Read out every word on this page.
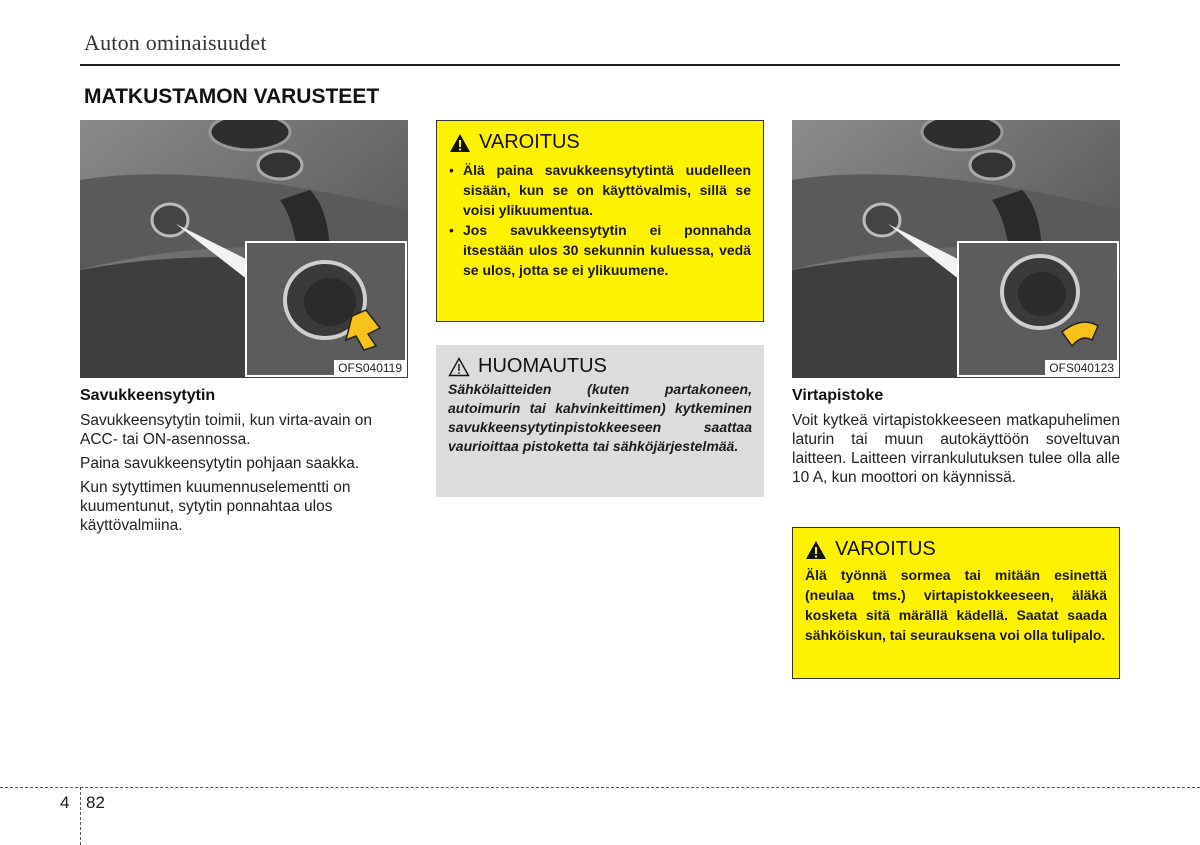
Auton ominaisuudet
MATKUSTAMON VARUSTEET
OFS040119
Savukkeensytytin

Savukkeensytytin toimii, kun virta-avain on ACC- tai ON-asennossa.

Paina savukkeensytytin pohjaan saakka.

Kun sytyttimen kuumennuselementti on kuumentunut, sytytin ponnahtaa ulos käyttövalmiina.

VAROITUS
• Älä paina savukkeensytytintä uudelleen sisään, kun se on käyttövalmis, sillä se voisi ylikuumentua.
• Jos savukkeensytytin ei ponnahda itsestään ulos 30 sekunnin kuluessa, vedä se ulos, jotta se ei ylikuumene.
HUOMAUTUS
Sähkölaitteiden (kuten partakoneen, autoimurin tai kahvinkeittimen) kytkeminen savukkeensytytinpistokkeeseen saattaa vaurioittaa pistoketta tai sähköjärjestelmää.
OFS040123
Virtapistoke
Voit kytkeä virtapistokkeeseen matkapuhelimen laturin tai muun autokäyttöön soveltuvan laitteen. Laitteen virrankulutuksen tulee olla alle 10 A, kun moottori on käynnissä.
VAROITUS
Älä työnnä sormea tai mitään esinettä (neulaa tms.) virtapistokkeeseen, äläkä kosketa sitä märällä kädellä. Saatat saada sähköiskun, tai seurauksena voi olla tulipalo.
4 82
